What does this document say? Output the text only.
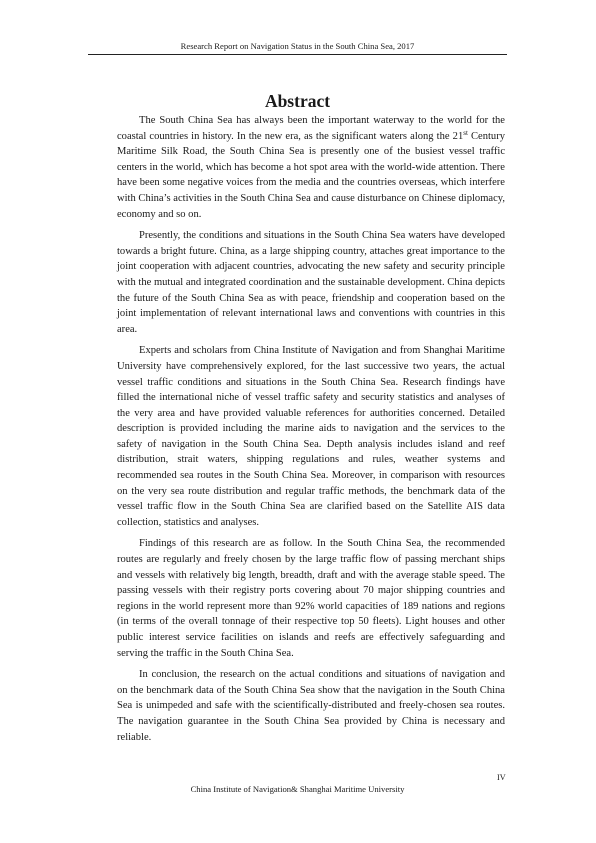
Research Report on Navigation Status in the South China Sea, 2017
Abstract

The South China Sea has always been the important waterway to the world for the coastal countries in history. In the new era, as the significant waters along the 21st Century Maritime Silk Road, the South China Sea is presently one of the busiest vessel traffic centers in the world, which has become a hot spot area with the world-wide attention. There have been some negative voices from the media and the countries overseas, which interfere with China’s activities in the South China Sea and cause disturbance on Chinese diplomacy, economy and so on.

Presently, the conditions and situations in the South China Sea waters have developed towards a bright future. China, as a large shipping country, attaches great importance to the joint cooperation with adjacent countries, advocating the new safety and security principle with the mutual and integrated coordination and the sustainable development. China depicts the future of the South China Sea as with peace, friendship and cooperation based on the joint implementation of relevant international laws and conventions with countries in this area.

Experts and scholars from China Institute of Navigation and from Shanghai Maritime University have comprehensively explored, for the last successive two years, the actual vessel traffic conditions and situations in the South China Sea. Research findings have filled the international niche of vessel traffic safety and security statistics and analyses of the very area and have provided valuable references for authorities concerned. Detailed description is provided including the marine aids to navigation and the services to the safety of navigation in the South China Sea. Depth analysis includes island and reef distribution, strait waters, shipping regulations and rules, weather systems and recommended sea routes in the South China Sea. Moreover, in comparison with resources on the very sea route distribution and regular traffic methods, the benchmark data of the vessel traffic flow in the South China Sea are clarified based on the Satellite AIS data collection, statistics and analyses.

Findings of this research are as follow. In the South China Sea, the recommended routes are regularly and freely chosen by the large traffic flow of passing merchant ships and vessels with relatively big length, breadth, draft and with the average stable speed. The passing vessels with their registry ports covering about 70 major shipping countries and regions in the world represent more than 92% world capacities of 189 nations and regions (in terms of the overall tonnage of their respective top 50 fleets). Light houses and other public interest service facilities on islands and reefs are effectively safeguarding and serving the traffic in the South China Sea.

In conclusion, the research on the actual conditions and situations of navigation and on the benchmark data of the South China Sea show that the navigation in the South China Sea is unimpeded and safe with the scientifically-distributed and freely-chosen sea routes. The navigation guarantee in the South China Sea provided by China is necessary and reliable.

IV
China Institute of Navigation& Shanghai Maritime University
